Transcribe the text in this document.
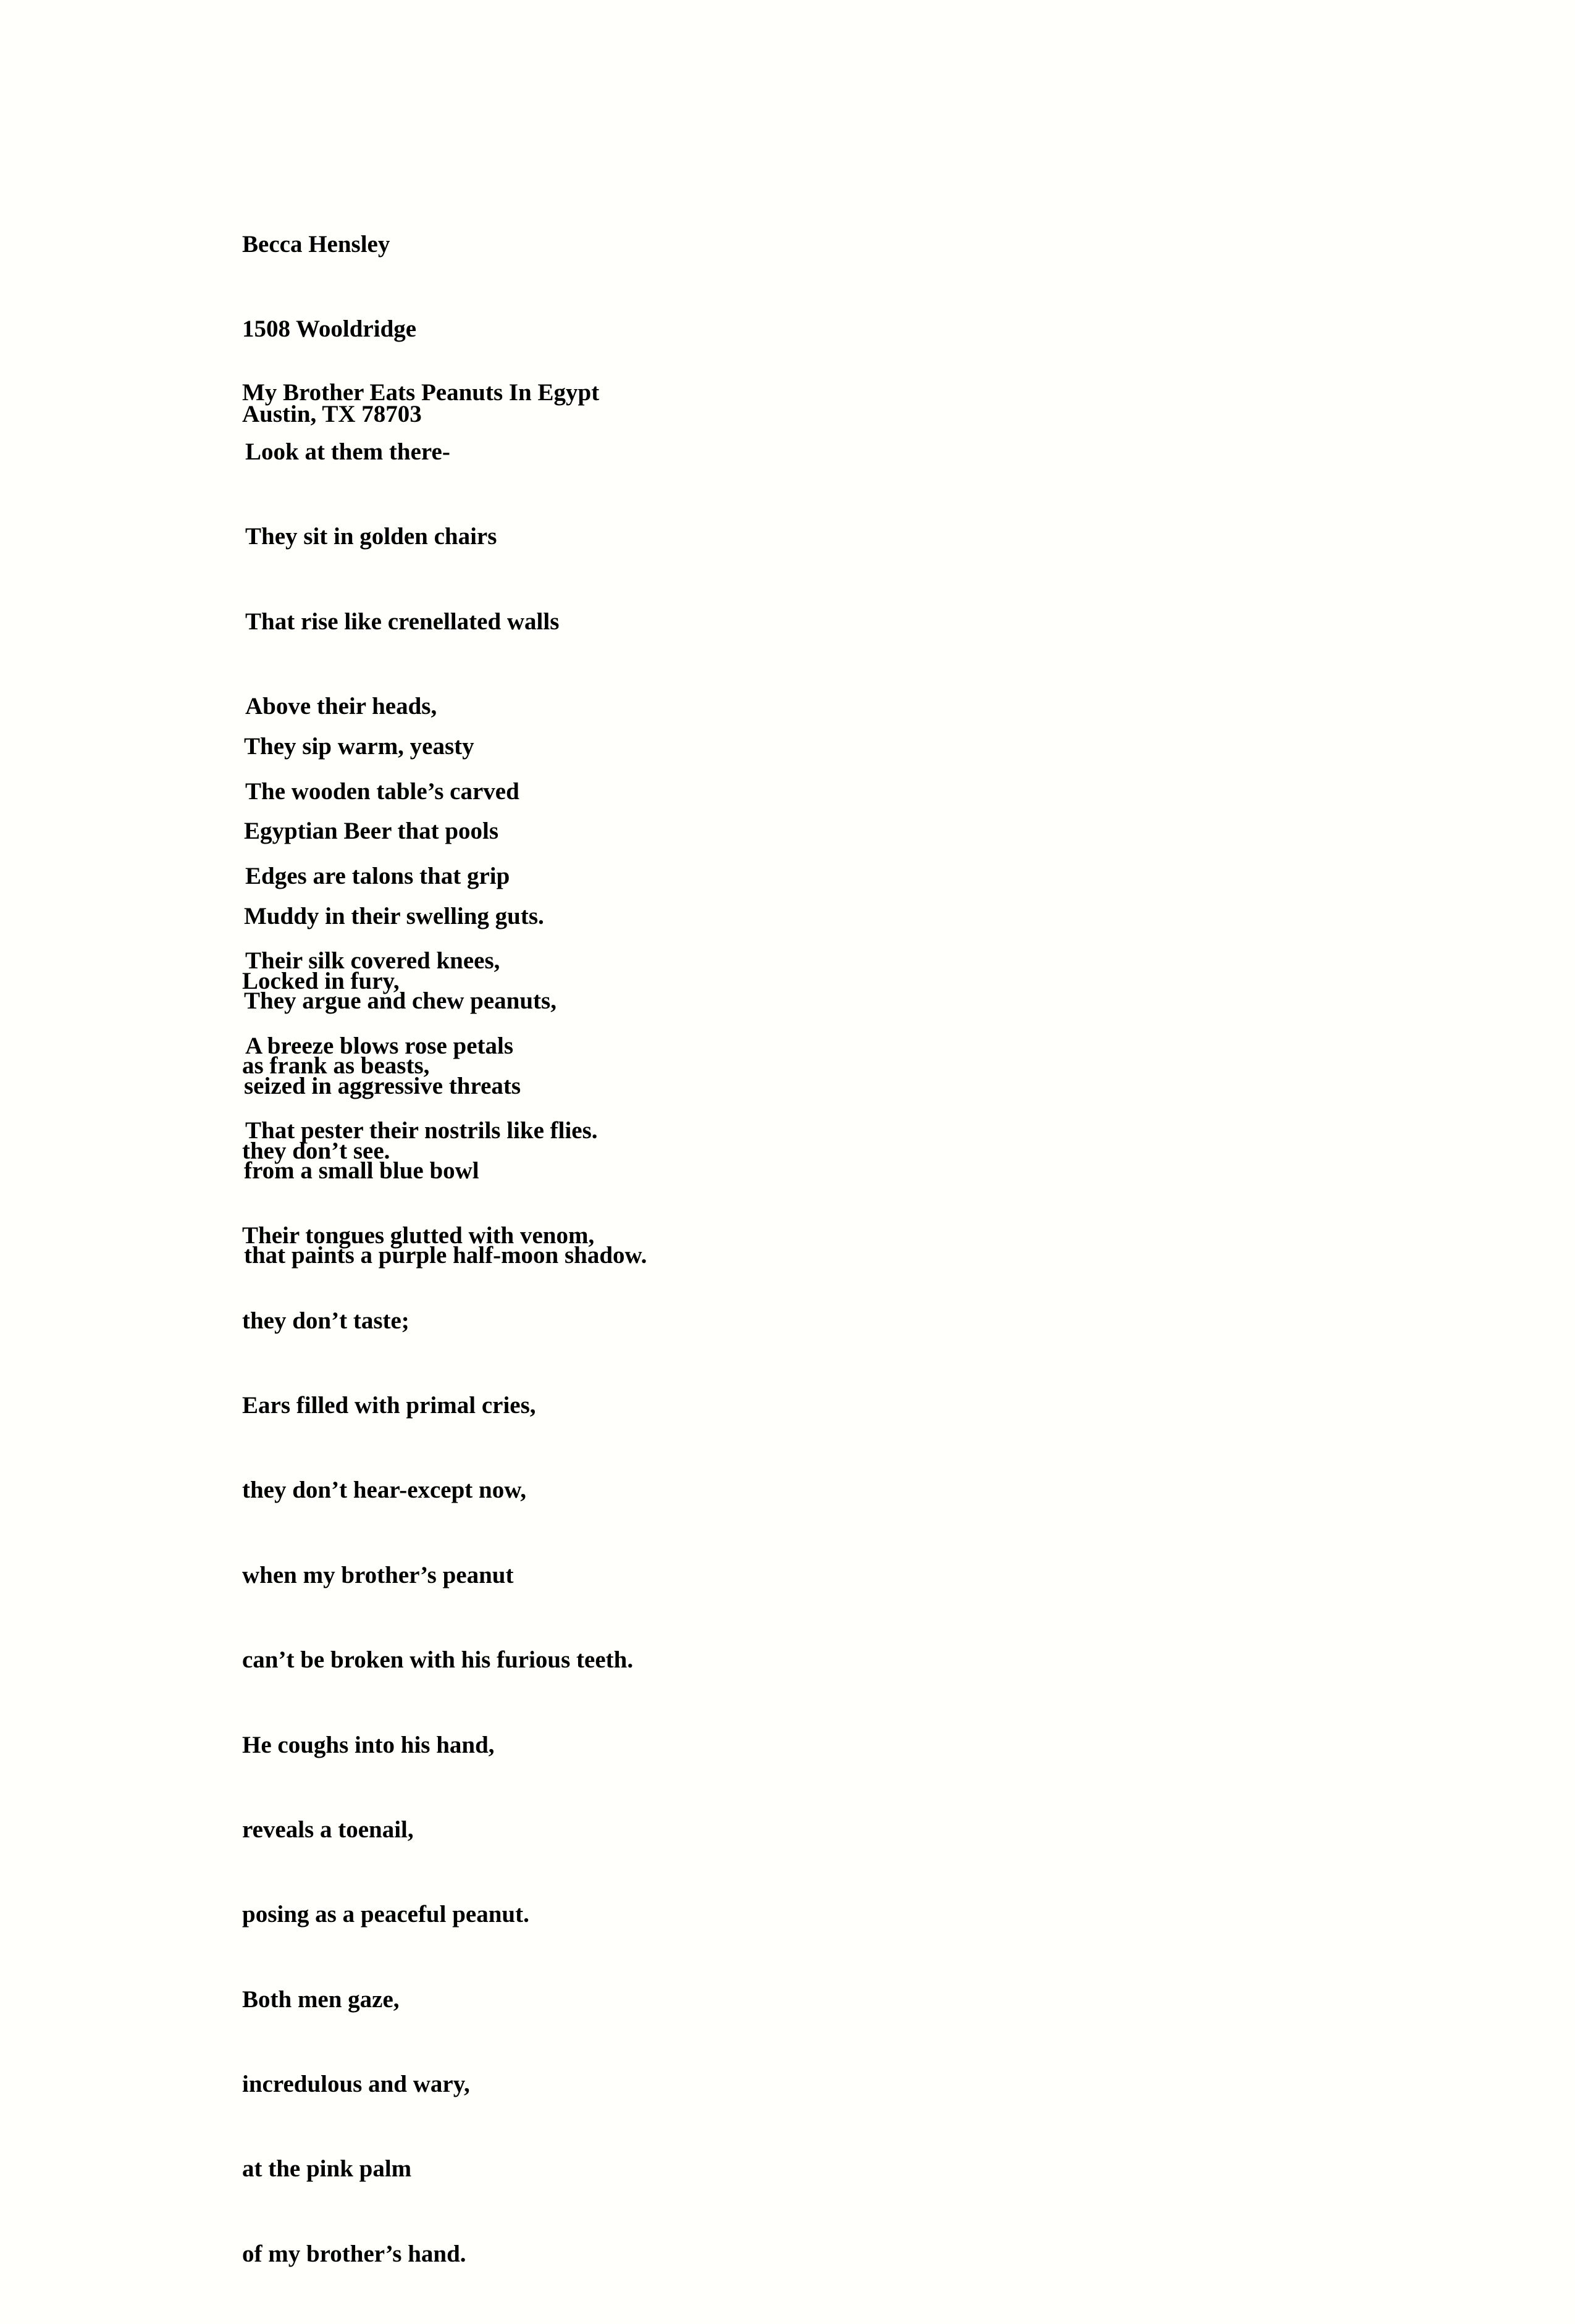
Becca Hensley

1508 Wooldridge

Austin, TX 78703

My Brother Eats Peanuts In Egypt

Look at them there-

They sit in golden chairs

That rise like crenellated walls

Above their heads,

The wooden table’s carved

Edges are talons that grip

Their silk covered knees,

A breeze blows rose petals

That pester their nostrils like flies.

They sip warm, yeasty

Egyptian Beer that pools

Muddy in their swelling guts.

They argue and chew peanuts,

seized in aggressive threats

from a small blue bowl

that paints a purple half-moon shadow.

Locked in fury,

as frank as beasts,

they don’t see.

Their tongues glutted with venom,

they don’t taste;

Ears filled with primal cries,

they don’t hear-except now,

when my brother’s peanut

can’t be broken with his furious teeth.

He coughs into his hand,

reveals a toenail,

posing as a peaceful peanut.

Both men gaze,

incredulous and wary,

at the pink palm

of my brother’s hand.
